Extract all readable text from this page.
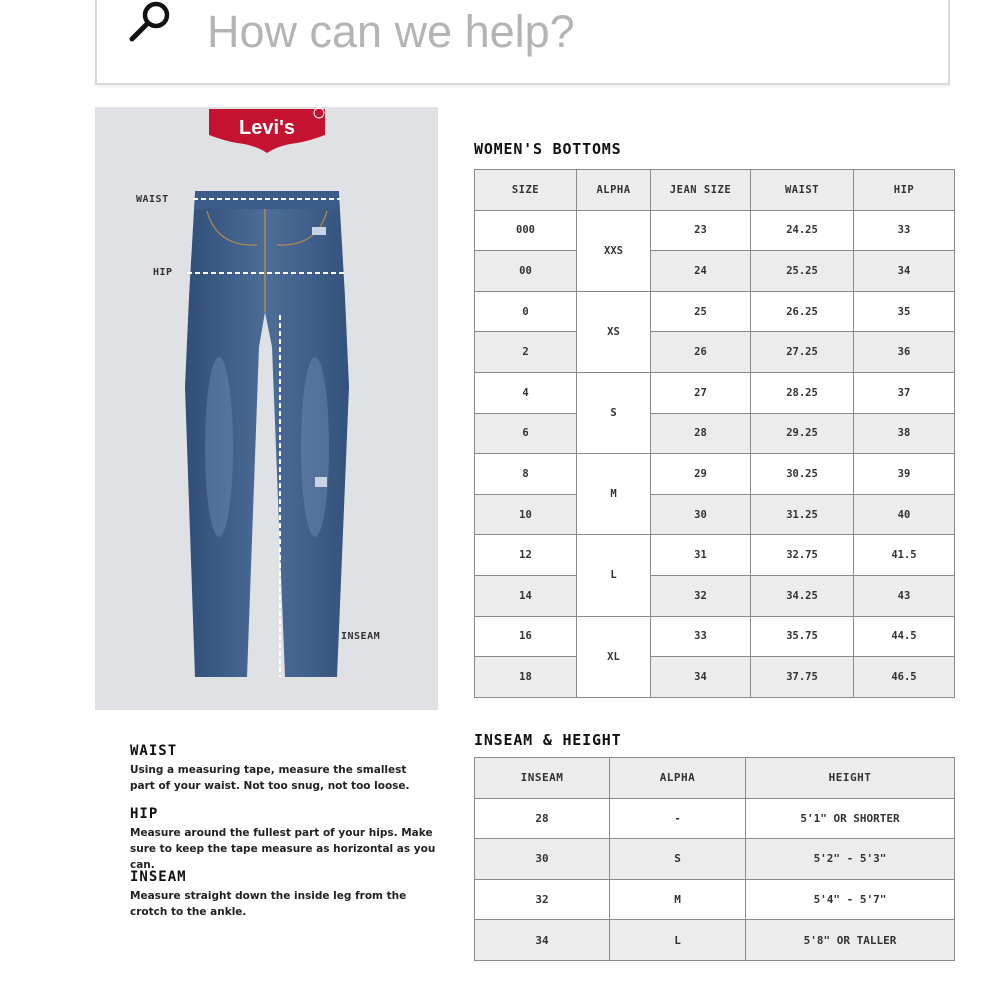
How can we help?
Levi's
WAIST
HIP
INSEAM

WAIST

Using a measuring tape, measure the smallest part of your waist. Not too snug, not too loose.

HIP

Measure around the fullest part of your hips. Make sure to keep the tape measure as horizontal as you can.

INSEAM

Measure straight down the inside leg from the crotch to the ankle.

WOMEN'S BOTTOMS
SIZE	ALPHA	JEAN SIZE	WAIST	HIP
000	XXS	23	24.25	33
00		24	25.25	34
0	XS	25	26.25	35
2		26	27.25	36
4	S	27	28.25	37
6		28	29.25	38
8	M	29	30.25	39
10		30	31.25	40
12	L	31	32.75	41.5
14		32	34.25	43
16	XL	33	35.75	44.5
18		34	37.75	46.5
INSEAM & HEIGHT
INSEAM	ALPHA	HEIGHT
28	-	5'1" OR SHORTER
30	S	5'2" - 5'3"
32	M	5'4" - 5'7"
34	L	5'8" OR TALLER
